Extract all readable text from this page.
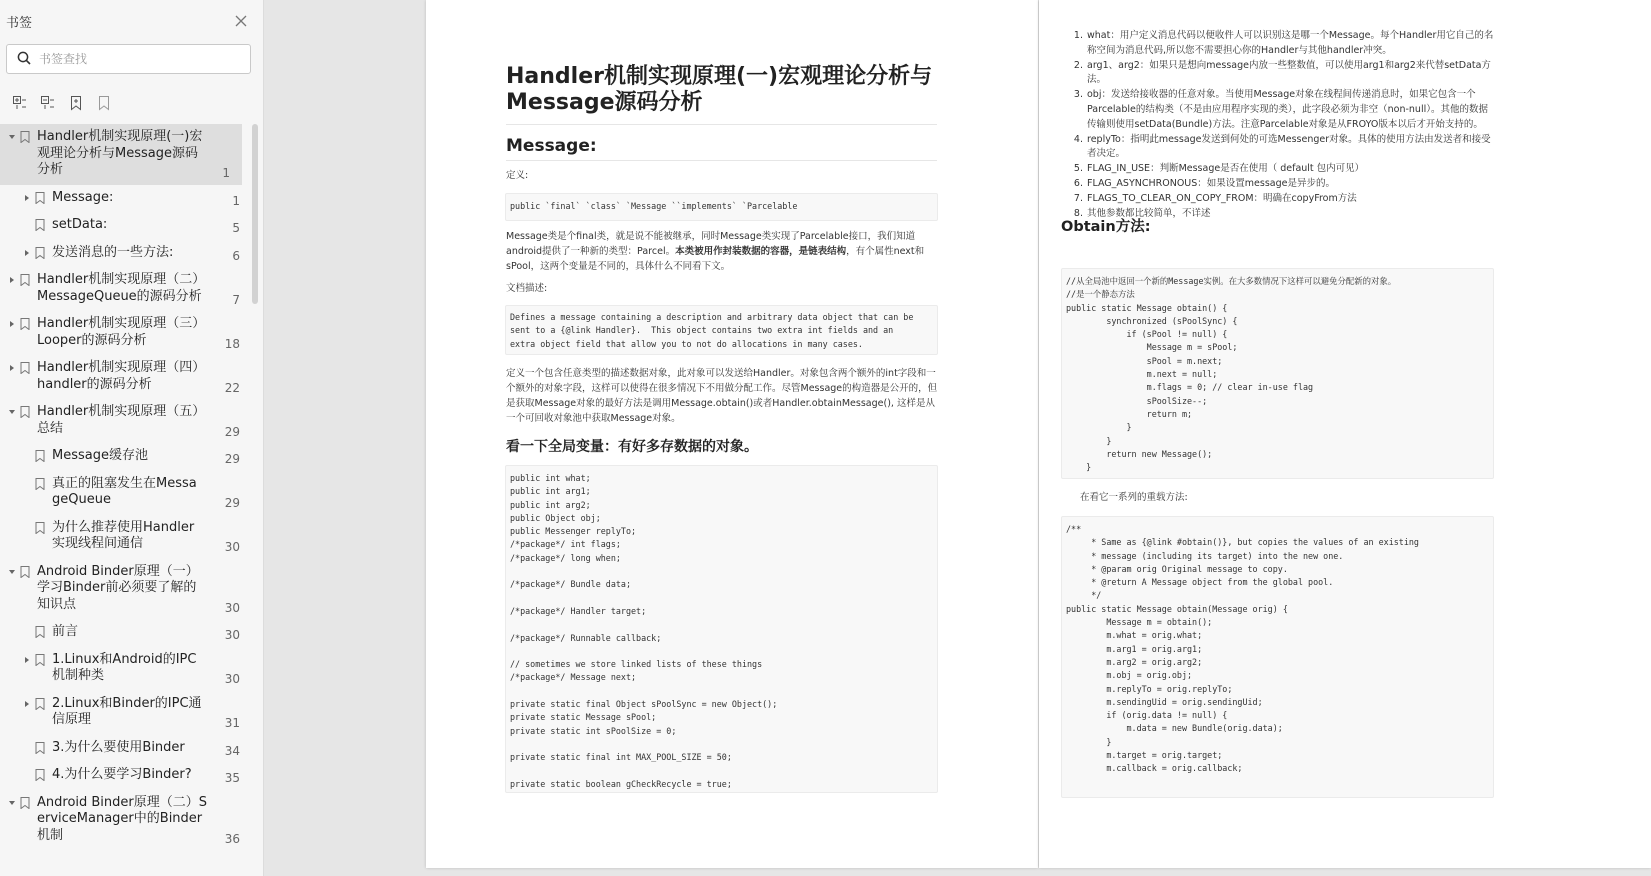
书签
书签查找
Handler机制实现原理(一)宏
观理论分析与Message源码
分析	1
Message:	1
setData:	5
发送消息的一些方法:	6
Handler机制实现原理（二）
MessageQueue的源码分析	7
Handler机制实现原理（三）
Looper的源码分析	18
Handler机制实现原理（四）
handler的源码分析	22
Handler机制实现原理（五）
总结	29
Message缓存池	29
真正的阻塞发生在Messa
geQueue	29
为什么推荐使用Handler
实现线程间通信	30
Android Binder原理（一）
学习Binder前必须要了解的
知识点	30
前言	30
1.Linux和Android的IPC
机制种类	30
2.Linux和Binder的IPC通
信原理	31
3.为什么要使用Binder	34
4.为什么要学习Binder?	35
Android Binder原理（二）S
erviceManager中的Binder
机制	36
Handler机制实现原理(一)宏观理论分析与
Message源码分析
Message:
定义:
public `final` `class` `Message ``implements` `Parcelable
Message类是个final类，就是说不能被继承，同时Message类实现了Parcelable接口，我们知道android提供了一种新的类型：Parcel。本类被用作封装数据的容器，是链表结构，有个属性next和sPool，这两个变量是不同的，具体什么不同看下文。
文档描述:
Defines a message containing a description and arbitrary data object that can be
sent to a {@link Handler}.  This object contains two extra int fields and an
extra object field that allow you to not do allocations in many cases.
定义一个包含任意类型的描述数据对象，此对象可以发送给Handler。对象包含两个额外的int字段和一个额外的对象字段，这样可以使得在很多情况下不用做分配工作。尽管Message的构造器是公开的，但是获取Message对象的最好方法是调用Message.obtain()或者Handler.obtainMessage(), 这样是从一个可回收对象池中获取Message对象。
看一下全局变量：有好多存数据的对象。
public int what;
public int arg1;
public int arg2;
public Object obj;
public Messenger replyTo;
/*package*/ int flags;
/*package*/ long when;

/*package*/ Bundle data;

/*package*/ Handler target;

/*package*/ Runnable callback;

// sometimes we store linked lists of these things
/*package*/ Message next;

private static final Object sPoolSync = new Object();
private static Message sPool;
private static int sPoolSize = 0;

private static final int MAX_POOL_SIZE = 50;

private static boolean gCheckRecycle = true;
1. what：用户定义消息代码以便收件人可以识别这是哪一个Message。每个Handler用它自己的名称空间为消息代码,所以您不需要担心你的Handler与其他handler冲突。
2. arg1、arg2：如果只是想向message内放一些整数值，可以使用arg1和arg2来代替setData方法。
3. obj：发送给接收器的任意对象。当使用Message对象在线程间传递消息时，如果它包含一个Parcelable的结构类（不是由应用程序实现的类），此字段必须为非空（non-null）。其他的数据传输则使用setData(Bundle)方法。注意Parcelable对象是从FROYO版本以后才开始支持的。
4. replyTo：指明此message发送到何处的可选Messenger对象。具体的使用方法由发送者和接受者决定。
5. FLAG_IN_USE：判断Message是否在使用（ default 包内可见）
6. FLAG_ASYNCHRONOUS：如果设置message是异步的。
7. FLAGS_TO_CLEAR_ON_COPY_FROM：明确在copyFrom方法
8. 其他参数都比较简单，不详述
Obtain方法:
//从全局池中返回一个新的Message实例。在大多数情况下这样可以避免分配新的对象。
//是一个静态方法
public static Message obtain() {
synchronized (sPoolSync) {
if (sPool != null) {
Message m = sPool;
sPool = m.next;
m.next = null;
m.flags = 0; // clear in-use flag
sPoolSize--;
return m;
}
}
return new Message();
}
在看它一系列的重载方法:
/**
* Same as {@link #obtain()}, but copies the values of an existing
* message (including its target) into the new one.
* @param orig Original message to copy.
* @return A Message object from the global pool.
*/
public static Message obtain(Message orig) {
Message m = obtain();
m.what = orig.what;
m.arg1 = orig.arg1;
m.arg2 = orig.arg2;
m.obj = orig.obj;
m.replyTo = orig.replyTo;
m.sendingUid = orig.sendingUid;
if (orig.data != null) {
m.data = new Bundle(orig.data);
}
m.target = orig.target;
m.callback = orig.callback;
